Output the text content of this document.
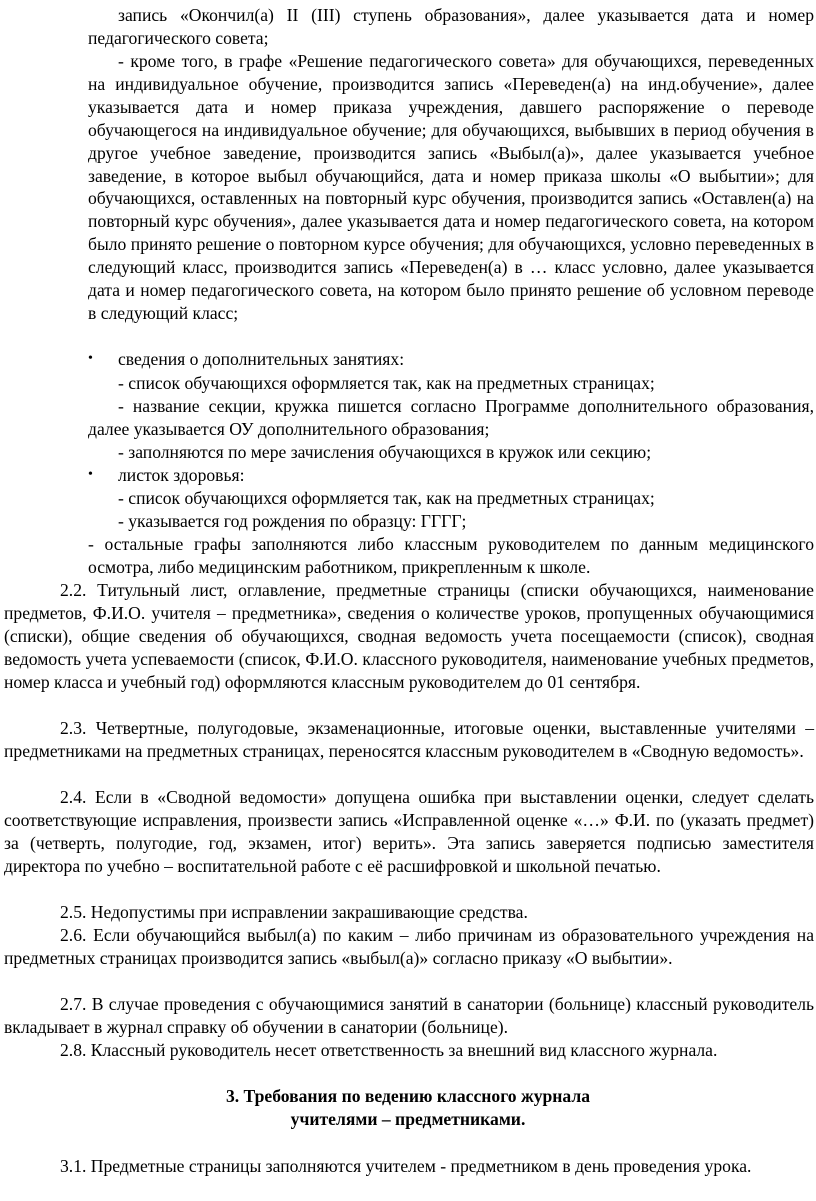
запись «Окончил(а) II (III) ступень образования», далее указывается дата и номер педагогического совета;

- кроме того, в графе «Решение педагогического совета» для обучающихся, переведенных на индивидуальное обучение, производится запись «Переведен(а) на инд.обучение», далее указывается дата и номер приказа учреждения, давшего распоряжение о переводе обучающегося на индивидуальное обучение; для обучающихся, выбывших в период обучения в другое учебное заведение, производится запись «Выбыл(а)», далее указывается учебное заведение, в которое выбыл обучающийся, дата и номер приказа школы «О выбытии»; для обучающихся, оставленных на повторный курс обучения, производится запись «Оставлен(а) на повторный курс обучения», далее указывается дата и номер педагогического совета, на котором было принято решение о повторном курсе обучения; для обучающихся, условно переведенных в следующий класс, производится запись «Переведен(а) в … класс условно, далее указывается дата и номер педагогического совета, на котором было принято решение об условном переводе в следующий класс;

• сведения о дополнительных занятиях:

- список обучающихся оформляется так, как на предметных страницах;

- название секции, кружка пишется согласно Программе дополнительного образования, далее указывается ОУ дополнительного образования;

- заполняются по мере зачисления обучающихся в кружок или секцию;

• листок здоровья:

- список обучающихся оформляется так, как на предметных страницах;

- указывается год рождения по образцу: ГГГГ;

- остальные графы заполняются либо классным руководителем по данным медицинского осмотра, либо медицинским работником, прикрепленным к школе.

2.2. Титульный лист, оглавление, предметные страницы (списки обучающихся, наименование предметов, Ф.И.О. учителя – предметника», сведения о количестве уроков, пропущенных обучающимися (списки), общие сведения об обучающихся, сводная ведомость учета посещаемости (список), сводная ведомость учета успеваемости (список, Ф.И.О. классного руководителя, наименование учебных предметов, номер класса и учебный год) оформляются классным руководителем до 01 сентября.

2.3. Четвертные, полугодовые, экзаменационные, итоговые оценки, выставленные учителями – предметниками на предметных страницах, переносятся классным руководителем в «Сводную ведомость».

2.4. Если в «Сводной ведомости» допущена ошибка при выставлении оценки, следует сделать соответствующие исправления, произвести запись «Исправленной оценке «…» Ф.И. по (указать предмет) за (четверть, полугодие, год, экзамен, итог) верить». Эта запись заверяется подписью заместителя директора по учебно – воспитательной работе с её расшифровкой и школьной печатью.

2.5. Недопустимы при исправлении закрашивающие средства.

2.6. Если обучающийся выбыл(а) по каким – либо причинам из образовательного учреждения на предметных страницах производится запись «выбыл(а)» согласно приказу «О выбытии».

2.7. В случае проведения с обучающимися занятий в санатории (больнице) классный руководитель вкладывает в журнал справку об обучении в санатории (больнице).

2.8. Классный руководитель несет ответственность за внешний вид классного журнала.

3. Требования по ведению классного журнала
учителями – предметниками.

3.1. Предметные страницы заполняются учителем - предметником в день проведения урока.
